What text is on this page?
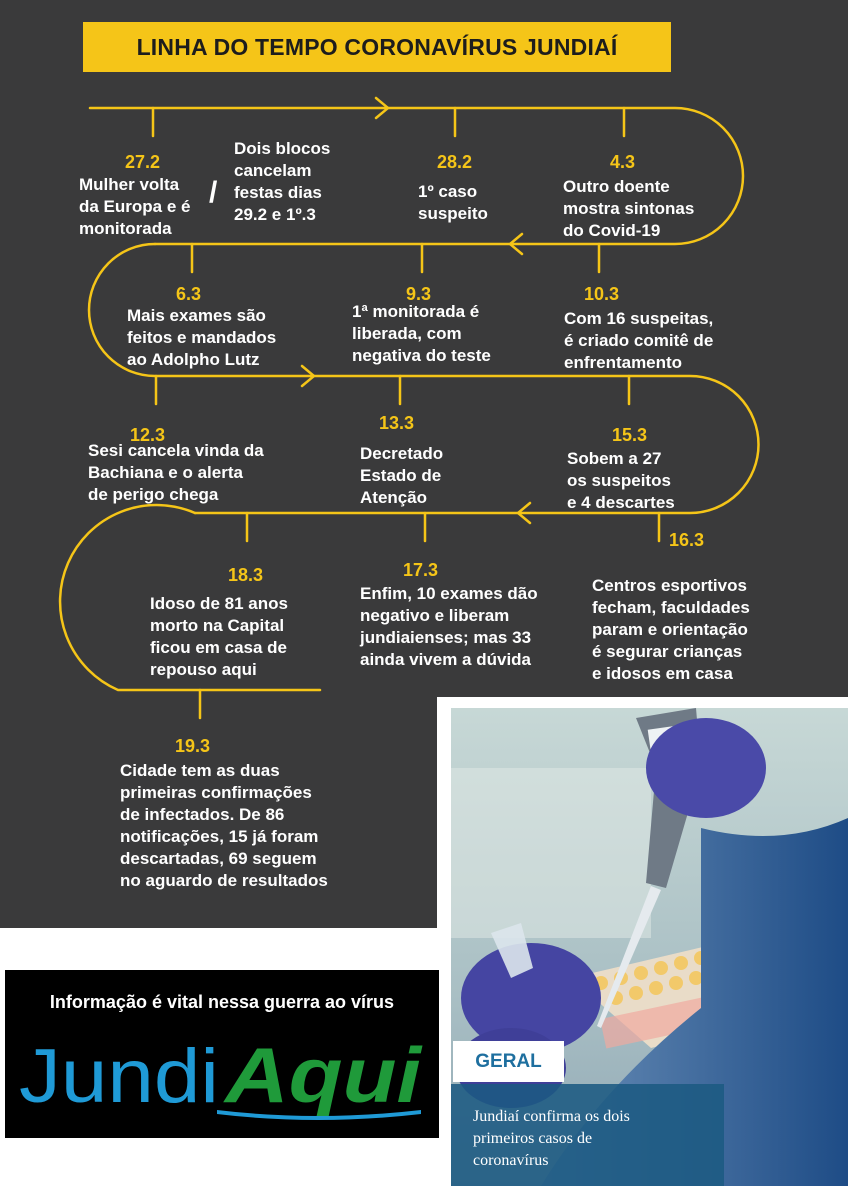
LINHA DO TEMPO CORONAVÍRUS JUNDIAÍ
27.2
Mulher volta
da Europa e é
monitorada
/
Dois blocos
cancelam
festas dias
29.2 e 1º.3
28.2
1º caso
suspeito
4.3
Outro doente
mostra sintonas
do Covid-19
6.3
Mais exames são
feitos e mandados
ao Adolpho Lutz
9.3
1ª monitorada é
liberada, com
negativa do teste
10.3
Com 16 suspeitas,
é criado comitê de
enfrentamento
12.3
Sesi cancela vinda da
Bachiana e o alerta
de perigo chega
13.3
Decretado
Estado de
Atenção
15.3
Sobem a 27
os suspeitos
e 4 descartes
18.3
Idoso de 81 anos
morto na Capital
ficou em casa de
repouso aqui
17.3
Enfim, 10 exames dão
negativo e liberam
jundiaienses; mas 33
ainda vivem a dúvida
16.3
Centros esportivos
fecham, faculdades
param e orientação
é segurar crianças
e idosos em casa
19.3
Cidade tem as duas
primeiras confirmações
de infectados. De 86
notificações, 15 já foram
descartadas, 69 seguem
no aguardo de resultados
GERAL
Jundiaí confirma os dois
primeiros casos de
coronavírus
Informação é vital nessa guerra ao vírus
Jundi Aqui
